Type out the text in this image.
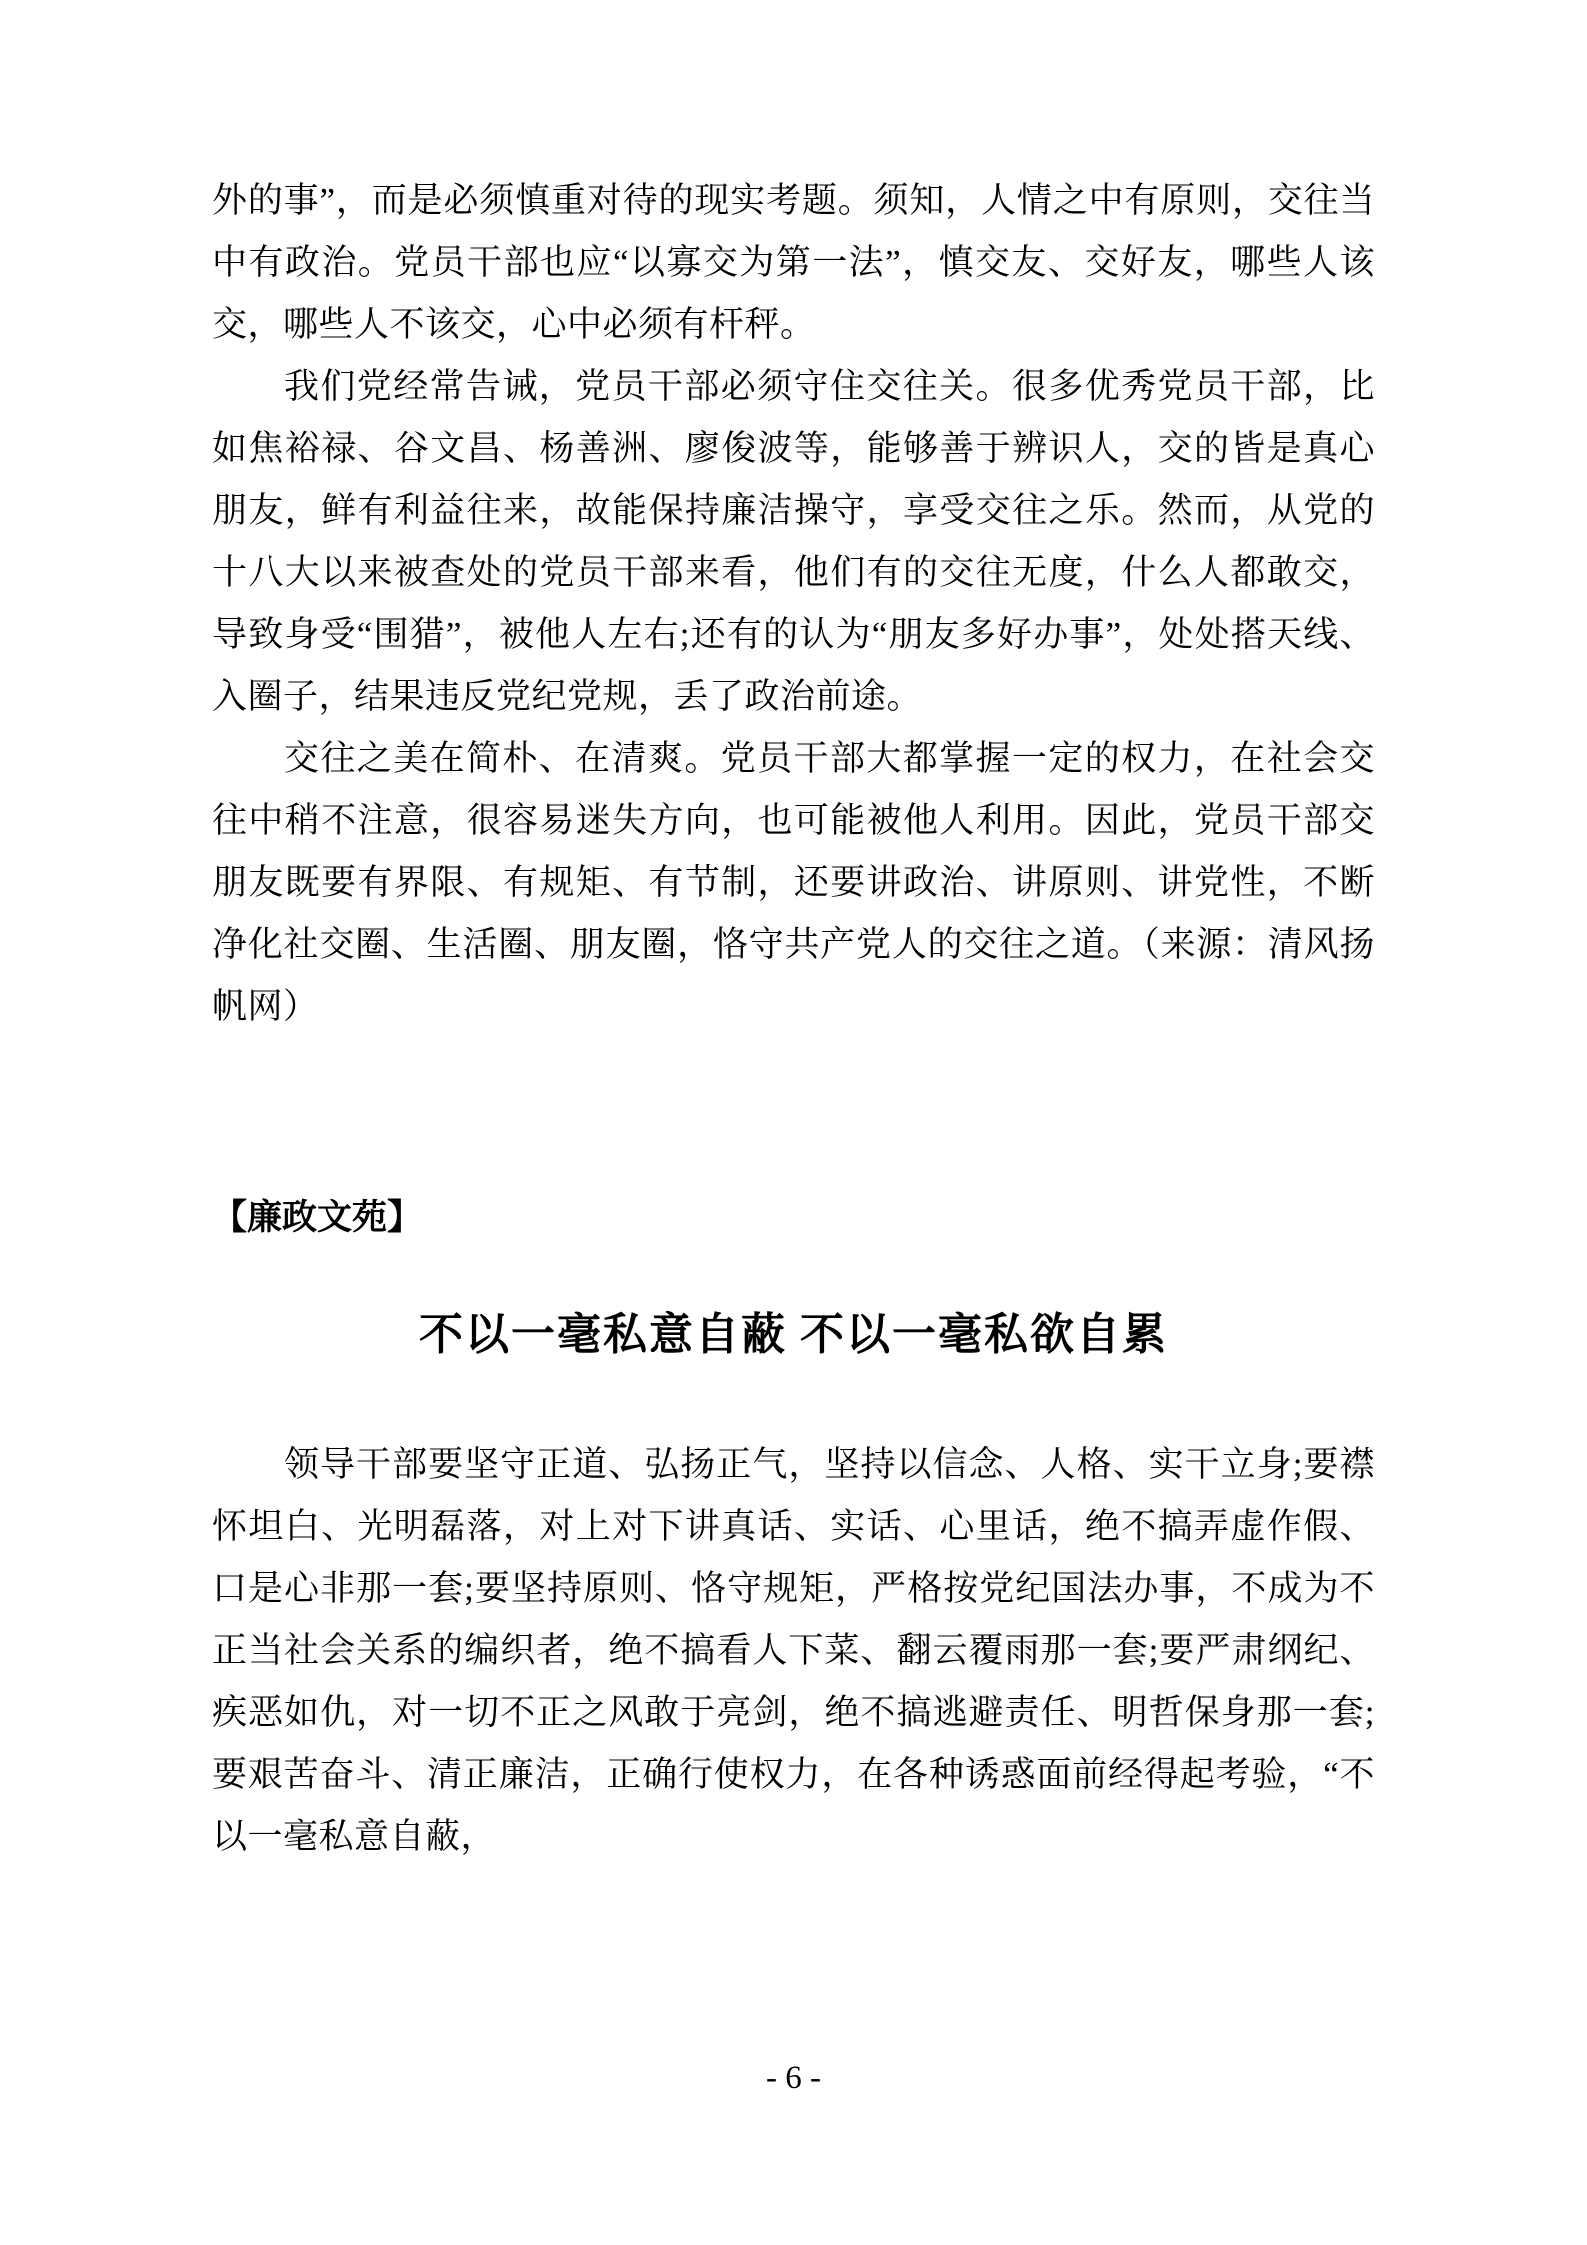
外的事”，而是必须慎重对待的现实考题。须知，人情之中有原则，交往当中有政治。党员干部也应“以寡交为第一法”，慎交友、交好友，哪些人该交，哪些人不该交，心中必须有杆秤。

我们党经常告诫，党员干部必须守住交往关。很多优秀党员干部，比如焦裕禄、谷文昌、杨善洲、廖俊波等，能够善于辨识人，交的皆是真心朋友，鲜有利益往来，故能保持廉洁操守，享受交往之乐。然而，从党的十八大以来被查处的党员干部来看，他们有的交往无度，什么人都敢交，导致身受“围猎”，被他人左右;还有的认为“朋友多好办事”，处处搭天线、入圈子，结果违反党纪党规，丢了政治前途。

交往之美在简朴、在清爽。党员干部大都掌握一定的权力，在社会交往中稍不注意，很容易迷失方向，也可能被他人利用。因此，党员干部交朋友既要有界限、有规矩、有节制，还要讲政治、讲原则、讲党性，不断净化社交圈、生活圈、朋友圈，恪守共产党人的交往之道。（来源：清风扬帆网）

【廉政文苑】

不以一毫私意自蔽 不以一毫私欲自累

领导干部要坚守正道、弘扬正气，坚持以信念、人格、实干立身;要襟怀坦白、光明磊落，对上对下讲真话、实话、心里话，绝不搞弄虚作假、口是心非那一套;要坚持原则、恪守规矩，严格按党纪国法办事，不成为不正当社会关系的编织者，绝不搞看人下菜、翻云覆雨那一套;要严肃纲纪、疾恶如仇，对一切不正之风敢于亮剑，绝不搞逃避责任、明哲保身那一套;要艰苦奋斗、清正廉洁，正确行使权力，在各种诱惑面前经得起考验，“不以一毫私意自蔽，

- 6 -
